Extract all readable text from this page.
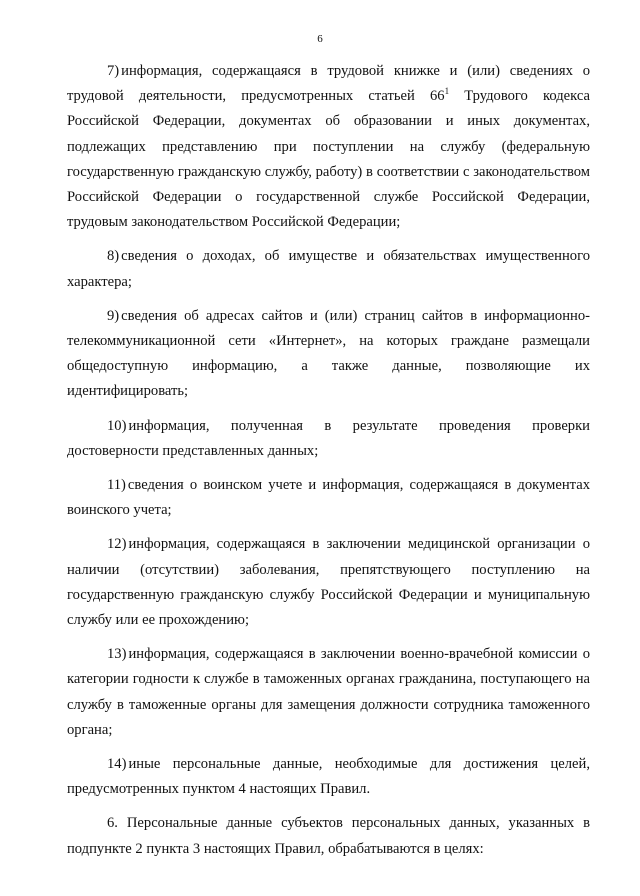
6

7) информация, содержащаяся в трудовой книжке и (или) сведениях о трудовой деятельности, предусмотренных статьей $66^1$ Трудового кодекса Российской Федерации, документах об образовании и иных документах, подлежащих представлению при поступлении на службу (федеральную государственную гражданскую службу, работу) в соответствии с законодательством Российской Федерации о государственной службе Российской Федерации, трудовым законодательством Российской Федерации;

8) сведения о доходах, об имуществе и обязательствах имущественного характера;

9) сведения об адресах сайтов и (или) страниц сайтов в информационно-телекоммуникационной сети «Интернет», на которых граждане размещали общедоступную информацию, а также данные, позволяющие их идентифицировать;

10) информация, полученная в результате проведения проверки достоверности представленных данных;

11) сведения о воинском учете и информация, содержащаяся в документах воинского учета;

12) информация, содержащаяся в заключении медицинской организации о наличии (отсутствии) заболевания, препятствующего поступлению на государственную гражданскую службу Российской Федерации и муниципальную службу или ее прохождению;

13) информация, содержащаяся в заключении военно-врачебной комиссии о категории годности к службе в таможенных органах гражданина, поступающего на службу в таможенные органы для замещения должности сотрудника таможенного органа;

14) иные персональные данные, необходимые для достижения целей, предусмотренных пунктом 4 настоящих Правил.

6. Персональные данные субъектов персональных данных, указанных в подпункте 2 пункта 3 настоящих Правил, обрабатываются в целях:
